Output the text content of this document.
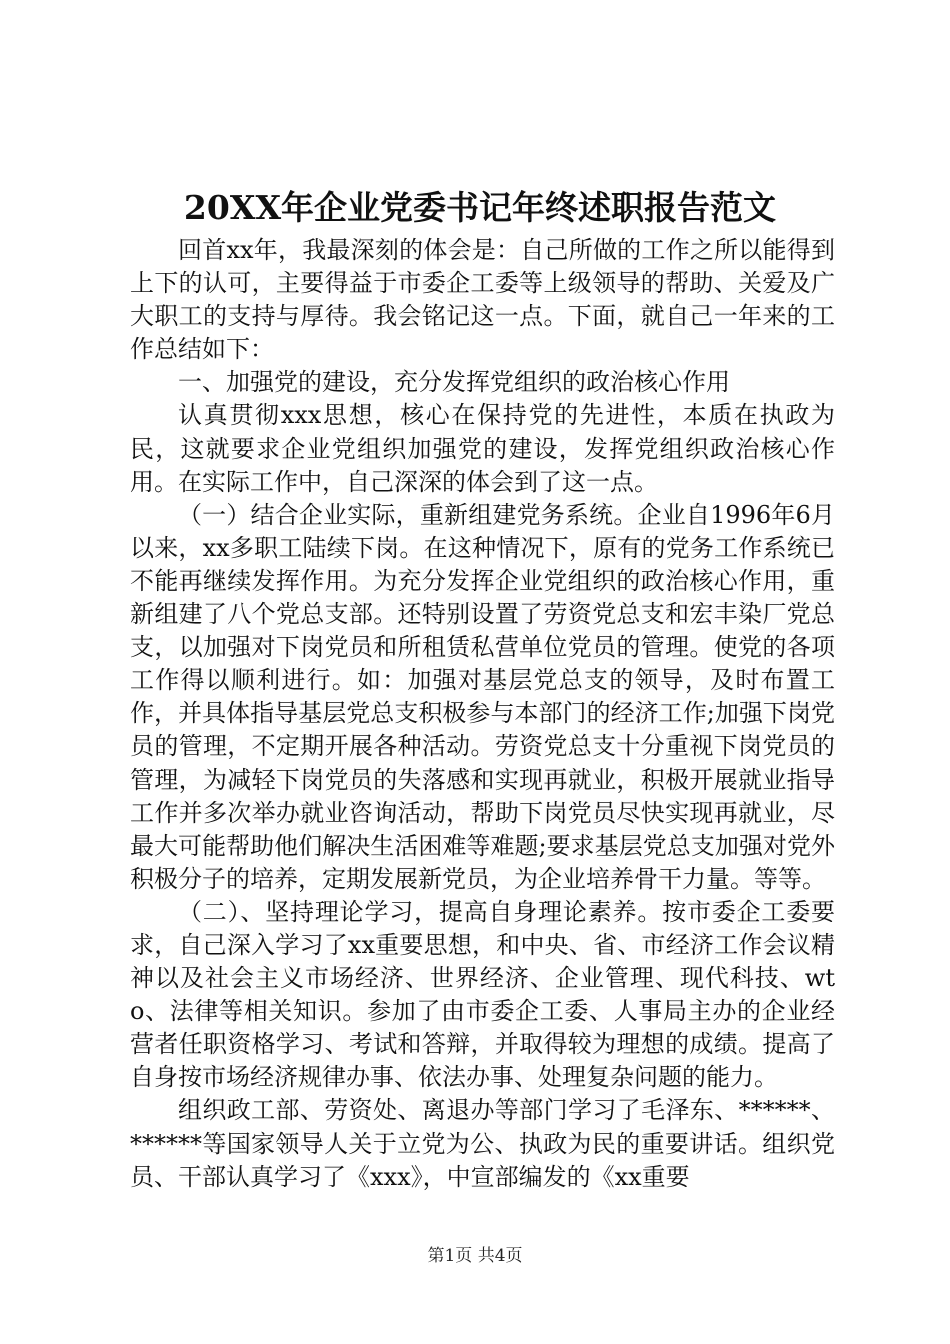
20XX年企业党委书记年终述职报告范文

回首xx年，我最深刻的体会是：自己所做的工作之所以能得到上下的认可，主要得益于市委企工委等上级领导的帮助、关爱及广大职工的支持与厚待。我会铭记这一点。下面，就自己一年来的工作总结如下：

一、加强党的建设，充分发挥党组织的政治核心作用

认真贯彻xxx思想，核心在保持党的先进性，本质在执政为民，这就要求企业党组织加强党的建设，发挥党组织政治核心作用。在实际工作中，自己深深的体会到了这一点。

（一）结合企业实际，重新组建党务系统。企业自1996年6月以来，xx多职工陆续下岗。在这种情况下，原有的党务工作系统已不能再继续发挥作用。为充分发挥企业党组织的政治核心作用，重新组建了八个党总支部。还特别设置了劳资党总支和宏丰染厂党总支，以加强对下岗党员和所租赁私营单位党员的管理。使党的各项工作得以顺利进行。如：加强对基层党总支的领导，及时布置工作，并具体指导基层党总支积极参与本部门的经济工作;加强下岗党员的管理，不定期开展各种活动。劳资党总支十分重视下岗党员的管理，为减轻下岗党员的失落感和实现再就业，积极开展就业指导工作并多次举办就业咨询活动，帮助下岗党员尽快实现再就业，尽最大可能帮助他们解决生活困难等难题;要求基层党总支加强对党外积极分子的培养，定期发展新党员，为企业培养骨干力量。等等。

（二）、坚持理论学习，提高自身理论素养。按市委企工委要求，自己深入学习了xx重要思想，和中央、省、市经济工作会议精神以及社会主义市场经济、世界经济、企业管理、现代科技、wto、法律等相关知识。参加了由市委企工委、人事局主办的企业经营者任职资格学习、考试和答辩，并取得较为理想的成绩。提高了自身按市场经济规律办事、依法办事、处理复杂问题的能力。

组织政工部、劳资处、离退办等部门学习了毛泽东、******、******等国家领导人关于立党为公、执政为民的重要讲话。组织党员、干部认真学习了《xxx》，中宣部编发的《xx重要

第1页 共4页
